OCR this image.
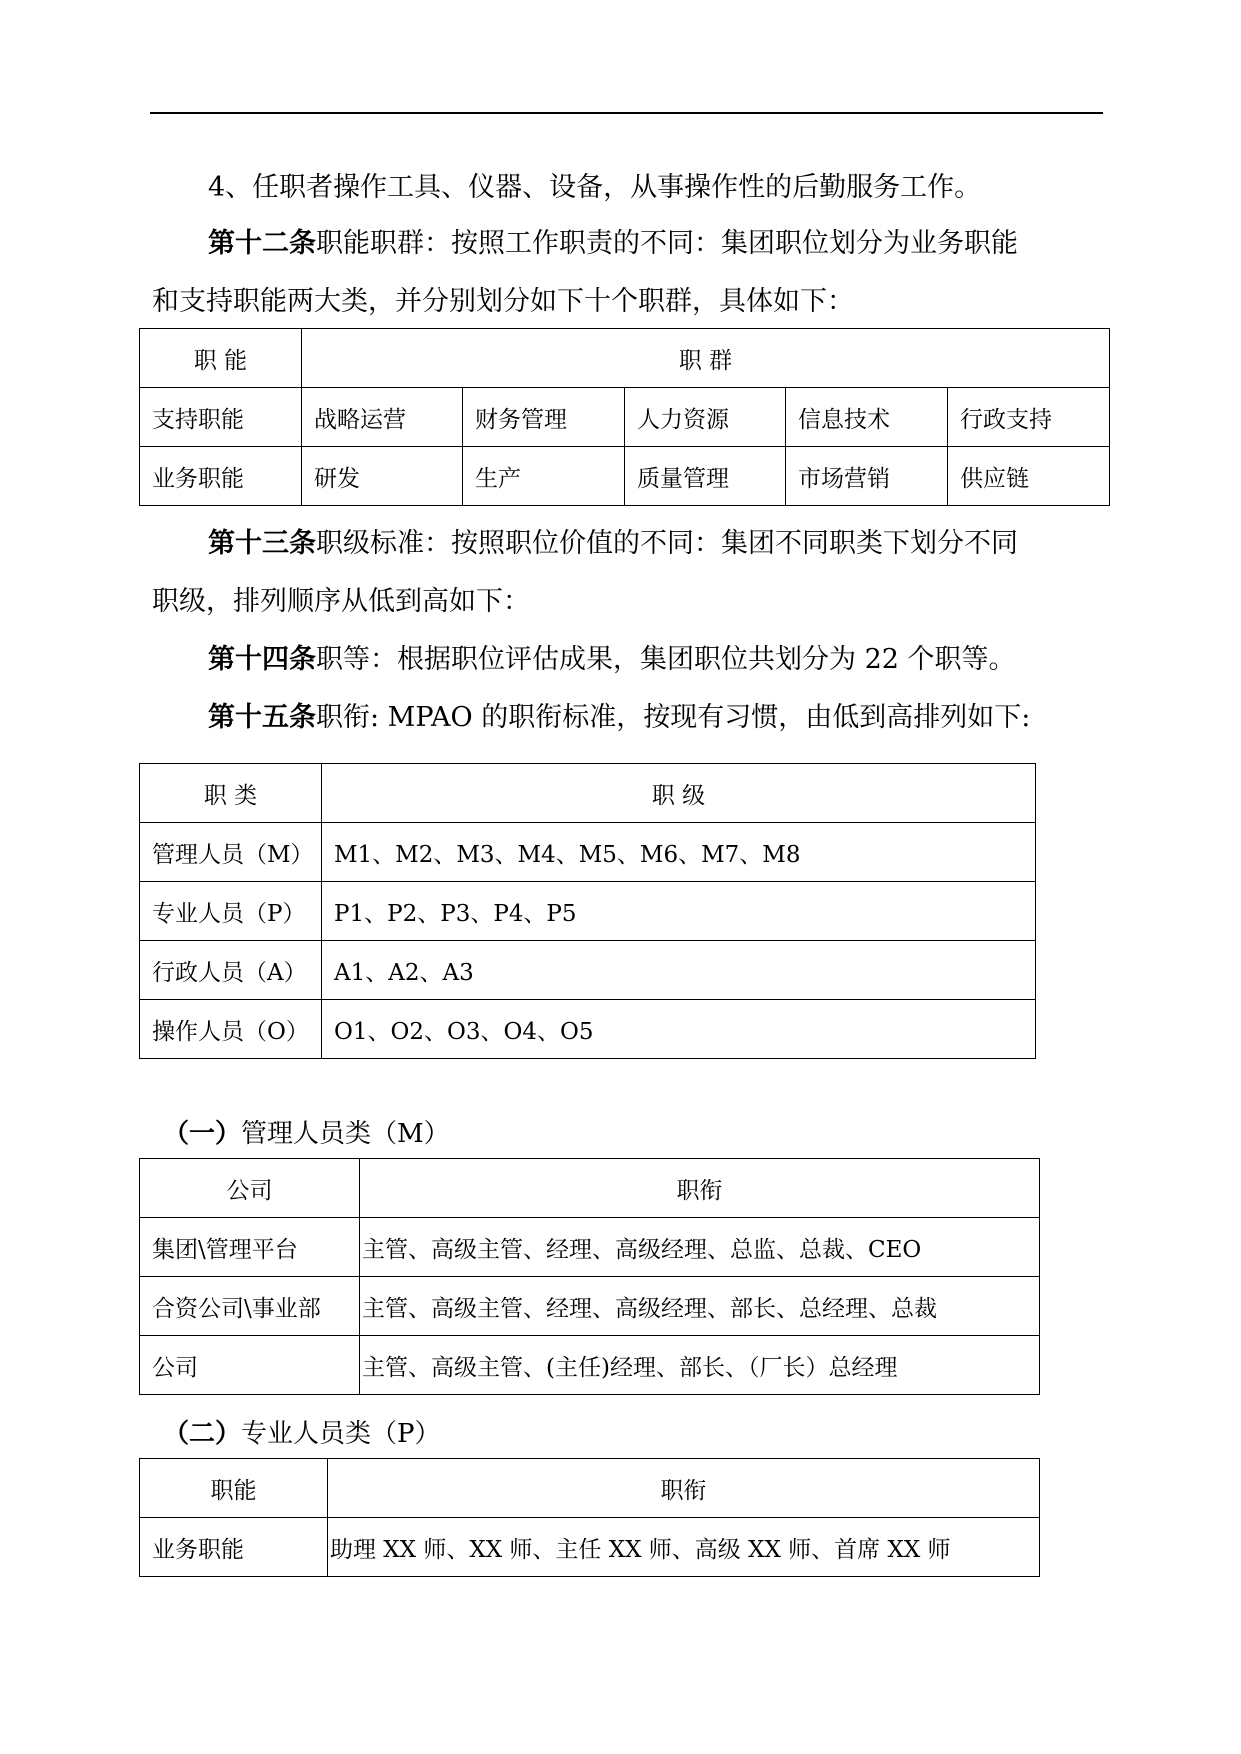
4、任职者操作工具、仪器、设备，从事操作性的后勤服务工作。

第十二条职能职群：按照工作职责的不同：集团职位划分为业务职能

和支持职能两大类，并分别划分如下十个职群，具体如下：

职 能	职 群				
支持职能	战略运营	财务管理	人力资源	信息技术	行政支持
业务职能	研发	生产	质量管理	市场营销	供应链

第十三条职级标准：按照职位价值的不同：集团不同职类下划分不同

职级，排列顺序从低到高如下：

第十四条职等：根据职位评估成果，集团职位共划分为 22 个职等。

第十五条职衔: MPAO 的职衔标准，按现有习惯，由低到高排列如下:

职 类	职 级
管理人员（M）	M1、M2、M3、M4、M5、M6、M7、M8
专业人员（P）	P1、P2、P3、P4、P5
行政人员（A）	A1、A2、A3
操作人员（O）	O1、O2、O3、O4、O5

（一）管理人员类（M）

公司	职衔
集团\管理平台	主管、高级主管、经理、高级经理、总监、总裁、CEO
合资公司\事业部	主管、高级主管、经理、高级经理、部长、总经理、总裁
公司	主管、高级主管、(主任)经理、部长、（厂长）总经理

（二）专业人员类（P）

职能	职衔
业务职能	助理 XX 师、XX 师、主任 XX 师、高级 XX 师、首席 XX 师
